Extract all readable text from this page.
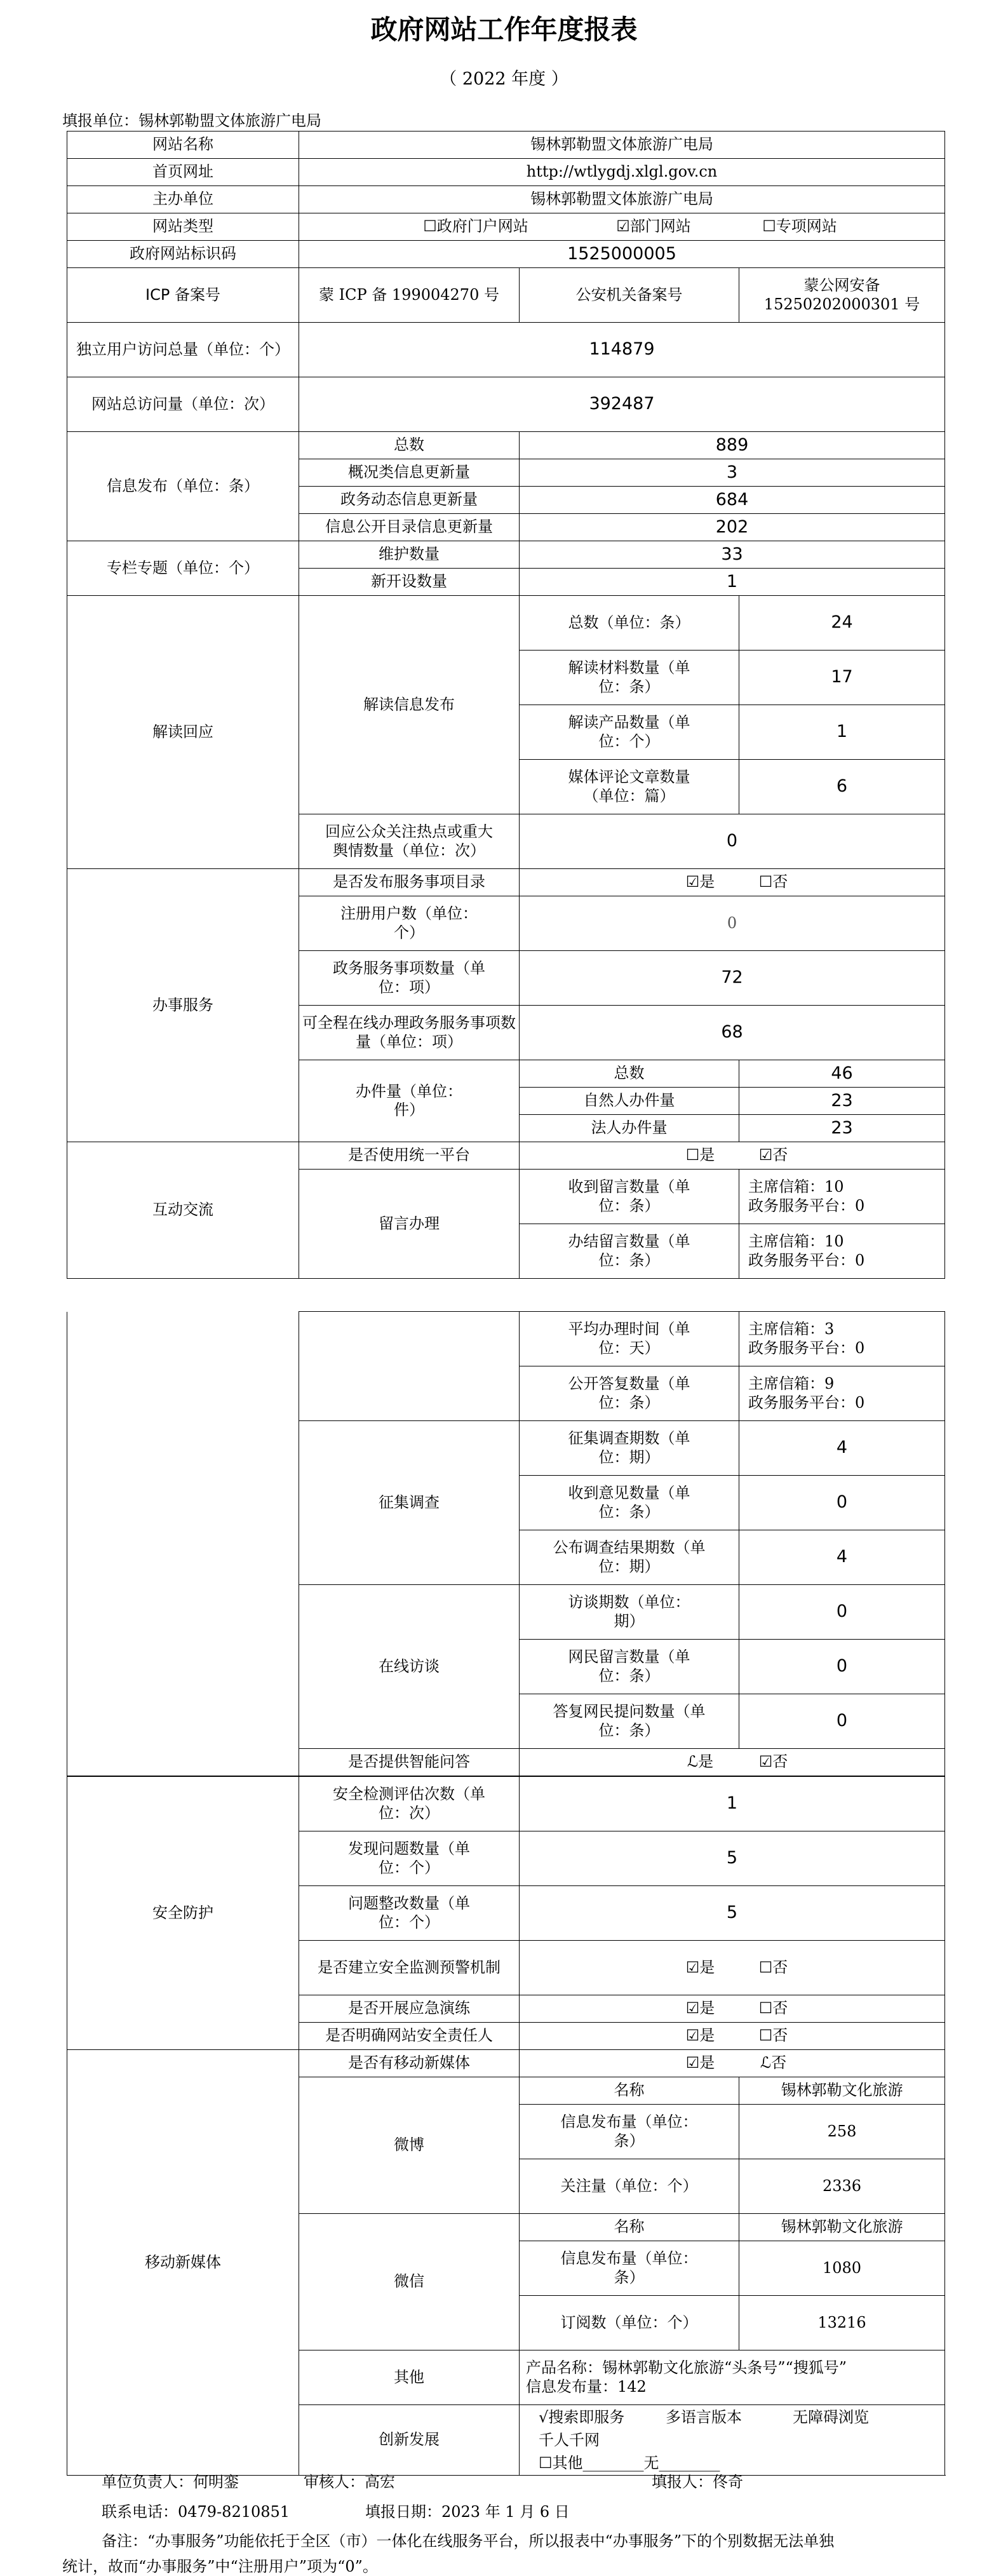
政府网站工作年度报表
（ 2022 年度 ）
填报单位：锡林郭勒盟文体旅游广电局
网站名称	锡林郭勒盟文体旅游广电局		
首页网址	http://wtlygdj.xlgl.gov.cn		
主办单位	锡林郭勒盟文体旅游广电局		
网站类型	☐政府门户网站 ☑部门网站 ☐专项网站		
政府网站标识码	1525000005		
ICP 备案号	蒙 ICP 备 199004270 号	公安机关备案号	蒙公网安备 15250202000301 号
独立用户访问总量（单位：个）	114879		
网站总访问量（单位：次）	392487		
信息发布（单位：条）	总数	889	
	概况类信息更新量	3	
	政务动态信息更新量	684	
	信息公开目录信息更新量	202	
专栏专题（单位：个）	维护数量	33	
	新开设数量	1	
解读回应	解读信息发布	总数（单位：条）	24
		解读材料数量（单位：条）	17
		解读产品数量（单位：个）	1
		媒体评论文章数量（单位：篇）	6
	回应公众关注热点或重大舆情数量（单位：次）	0	
办事服务	是否发布服务事项目录	☑是 ☐否	
	注册用户数（单位：个）	0	
	政务服务事项数量（单位：项）	72	
	可全程在线办理政务服务事项数量（单位：项）	68	
	办件量（单位：件）	总数	46
		自然人办件量	23
		法人办件量	23
互动交流	是否使用统一平台	☐是 ☑否	
	留言办理	收到留言数量（单位：条）	主席信箱：10
政务服务平台：0
		办结留言数量（单位：条）	主席信箱：10
政务服务平台：0
		平均办理时间（单位：天）	主席信箱：3
政务服务平台：0
		公开答复数量（单位：条）	主席信箱：9
政务服务平台：0
	征集调查	征集调查期数（单位：期）	4
		收到意见数量（单位：条）	0
		公布调查结果期数（单位：期）	4
	在线访谈	访谈期数（单位：期）	0
		网民留言数量（单位：条）	0
		答复网民提问数量（单位：条）	0
	是否提供智能问答	ℒ是 ☑否	
安全防护	安全检测评估次数（单位：次）	1	
	发现问题数量（单位：个）	5	
	问题整改数量（单位：个）	5	
	是否建立安全监测预警机制	☑是 ☐否	
	是否开展应急演练	☑是 ☐否	
	是否明确网站安全责任人	☑是 ☐否	
移动新媒体	是否有移动新媒体	☑是 ℒ否	
	微博	名称	锡林郭勒文化旅游
		信息发布量（单位：条）	258
		关注量（单位：个）	2336
	微信	名称	锡林郭勒文化旅游
		信息发布量（单位：条）	1080
		订阅数（单位：个）	13216
	其他	产品名称：锡林郭勒文化旅游“头条号”“搜狐号”
信息发布量：142	
	创新发展	√搜索即服务 多语言版本 无障碍浏览千人千网
☐其他________无________	
单位负责人：何明銮	审核人：高宏	填报人：佟奇
联系电话：0479-8210851	填报日期：2023 年 1 月 6 日
备注：“办事服务”功能依托于全区（市）一体化在线服务平台，所以报表中“办事服务”下的个别数据无法单独
统计，故而“办事服务”中“注册用户”项为“0”。
